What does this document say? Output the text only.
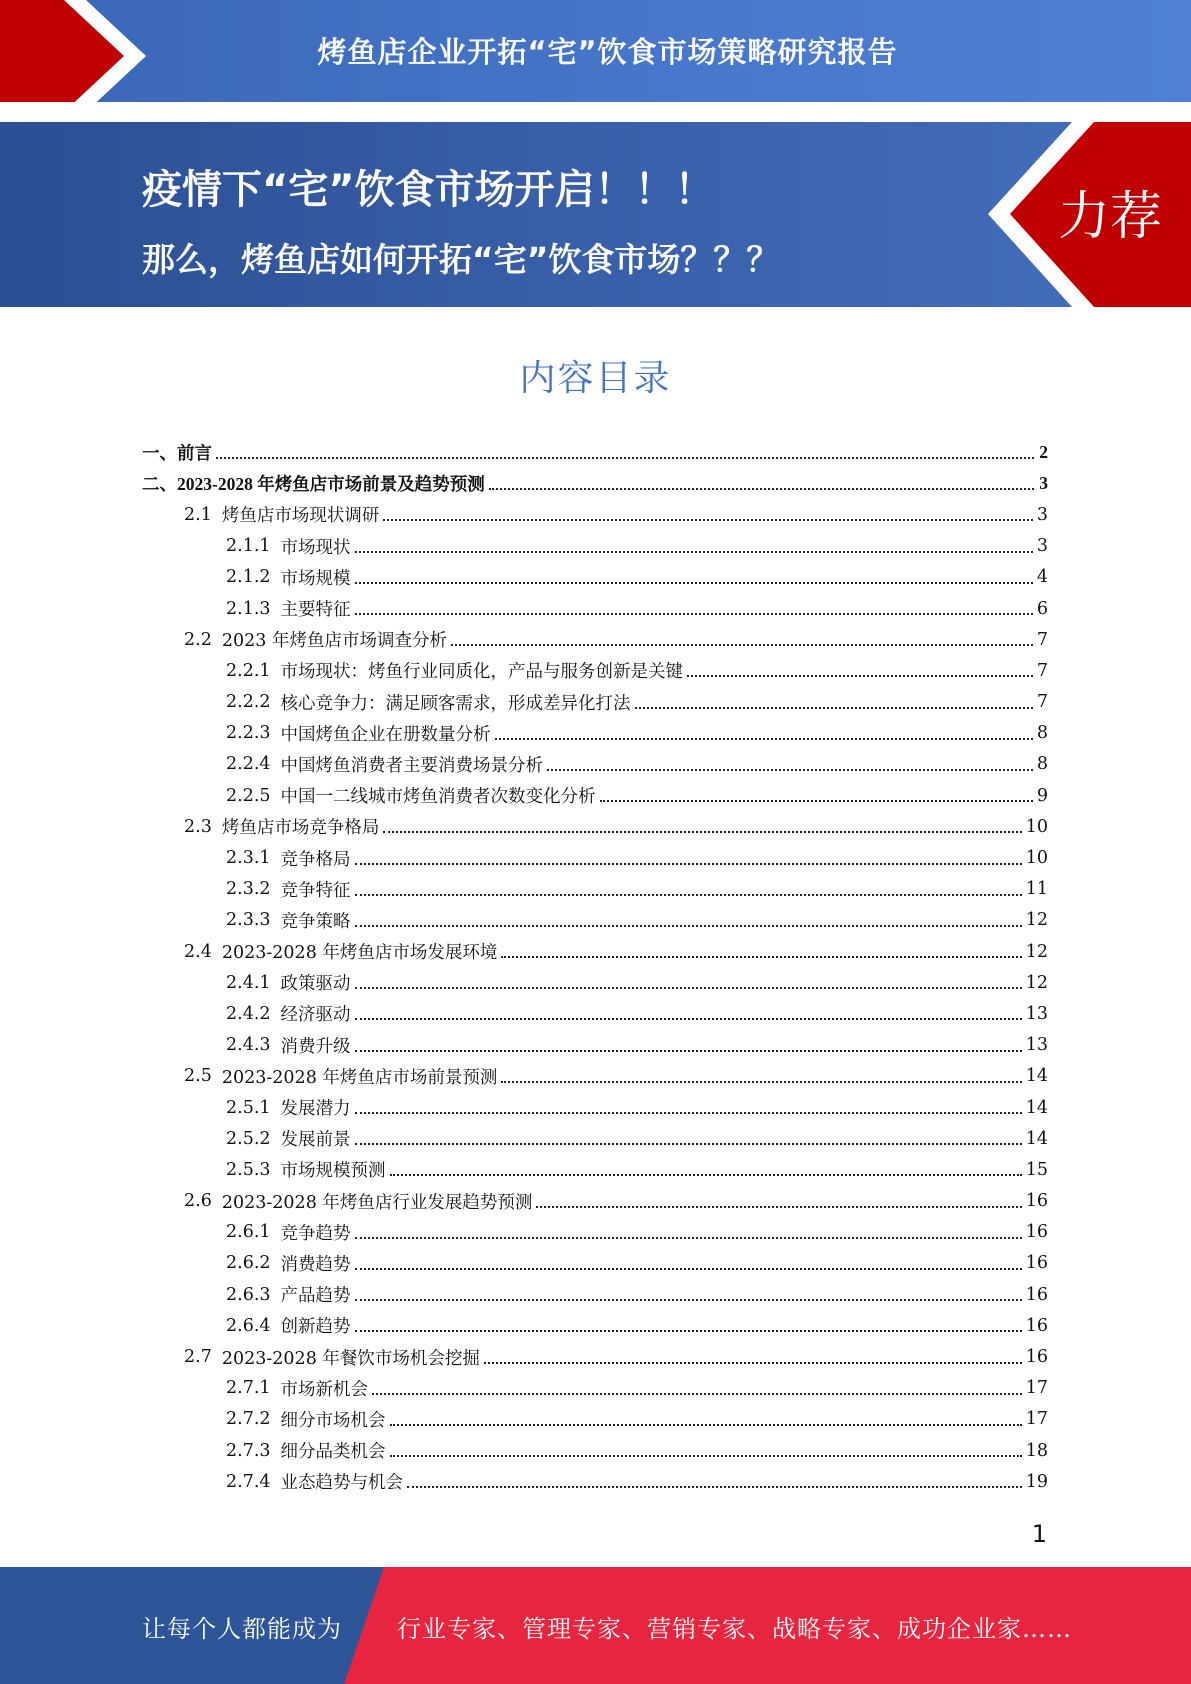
烤鱼店企业开拓“宅”饮食市场策略研究报告
疫情下“宅”饮食市场开启！！！
那么，烤鱼店如何开拓“宅”饮食市场？？？
力荐
内容目录
一、 前言	2
二、 2023-2028 年烤鱼店市场前景及趋势预测	3
2.1 烤鱼店市场现状调研	3
2.1.1 市场现状	3
2.1.2 市场规模	4
2.1.3 主要特征	6
2.2 2023 年烤鱼店市场调查分析	7
2.2.1 市场现状：烤鱼行业同质化，产品与服务创新是关键	7
2.2.2 核心竞争力：满足顾客需求，形成差异化打法	7
2.2.3 中国烤鱼企业在册数量分析	8
2.2.4 中国烤鱼消费者主要消费场景分析	8
2.2.5 中国一二线城市烤鱼消费者次数变化分析	9
2.3 烤鱼店市场竞争格局	10
2.3.1 竞争格局	10
2.3.2 竞争特征	11
2.3.3 竞争策略	12
2.4 2023-2028 年烤鱼店市场发展环境	12
2.4.1 政策驱动	12
2.4.2 经济驱动	13
2.4.3 消费升级	13
2.5 2023-2028 年烤鱼店市场前景预测	14
2.5.1 发展潜力	14
2.5.2 发展前景	14
2.5.3 市场规模预测	15
2.6 2023-2028 年烤鱼店行业发展趋势预测	16
2.6.1 竞争趋势	16
2.6.2 消费趋势	16
2.6.3 产品趋势	16
2.6.4 创新趋势	16
2.7 2023-2028 年餐饮市场机会挖掘	16
2.7.1 市场新机会	17
2.7.2 细分市场机会	17
2.7.3 细分品类机会	18
2.7.4 业态趋势与机会	19
1
让每个人都能成为 行业专家、管理专家、营销专家、战略专家、成功企业家……
